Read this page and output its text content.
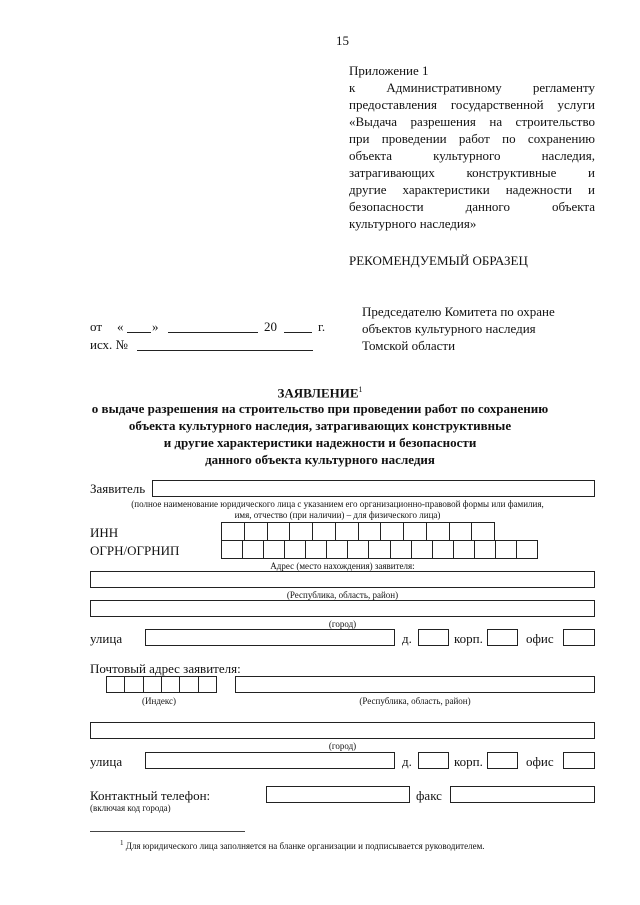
15
Приложение 1
к Административному регламенту
предоставления государственной услуги
«Выдача разрешения на строительство
при проведении работ по сохранению
объекта культурного наследия,
затрагивающих конструктивные и
другие характеристики надежности и
безопасности данного объекта
культурного наследия»
РЕКОМЕНДУЕМЫЙ ОБРАЗЕЦ
Председателю Комитета по охране
объектов культурного наследия
Томской области
от « »	20	г.
исх. №
ЗАЯВЛЕНИЕ$^1$
о выдаче разрешения на строительство при проведении работ по сохранению
объекта культурного наследия, затрагивающих конструктивные
и другие характеристики надежности и безопасности
данного объекта культурного наследия
Заявитель
(полное наименование юридического лица с указанием его организационно-правовой формы или фамилия,
имя, отчество (при наличии) – для физического лица)
ИНН
ОГРН/ОГРНИП
Адрес (место нахождения) заявителя:
(Республика, область, район)
(город)
улица	д.	корп.	офис
Почтовый адрес заявителя:
(Индекс)	(Республика, область, район)
(город)
улица	д.	корп.	офис
Контактный телефон:
(включая код города)
факс
$^1$ Для юридического лица заполняется на бланке организации и подписывается руководителем.
